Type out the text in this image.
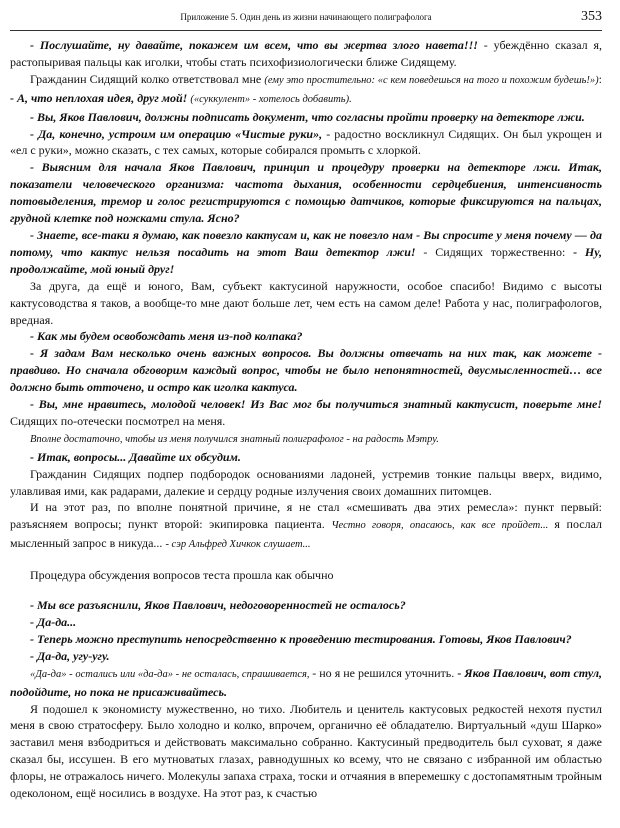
Приложение 5. Один день из жизни начинающего полиграфолога	353

- Послушайте, ну давайте, покажем им всем, что вы жертва злого навета!!! - убеждённо сказал я, растопыривая пальцы как иголки, чтобы стать психофизиологически ближе Сидящему.

Гражданин Сидящий колко ответствовал мне (ему это простительно: «с кем поведешься на того и похожим будешь!»): - А, что неплохая идея, друг мой! («суккулент» - хотелось добавить).

- Вы, Яков Павлович, должны подписать документ, что согласны пройти проверку на детекторе лжи.

- Да, конечно, устроим им операцию «Чистые руки», - радостно воскликнул Сидящих. Он был укрощен и «ел с руки», можно сказать, с тех самых, которые собирался промыть с хлоркой.

- Выясним для начала Яков Павлович, принцип и процедуру проверки на детекторе лжи. Итак, показатели человеческого организма: частота дыхания, особенности сердцебиения, интенсивность потовыделения, тремор и голос регистрируются с помощью датчиков, которые фиксируются на пальцах, грудной клетке под ножками стула. Ясно?

- Знаете, все-таки я думаю, как повезло кактусам и, как не повезло нам - Вы спросите у меня почему — да потому, что кактус нельзя посадить на этот Ваш детектор лжи! - Сидящих торжественно: - Ну, продолжайте, мой юный друг!

За друга, да ещё и юного, Вам, субъект кактусиной наружности, особое спасибо! Видимо с высоты кактусоводства я таков, а вообще-то мне дают больше лет, чем есть на самом деле! Работа у нас, полиграфологов, вредная.

- Как мы будем освобождать меня из-под колпака?

- Я задам Вам несколько очень важных вопросов. Вы должны отвечать на них так, как можете - правдиво. Но сначала обговорим каждый вопрос, чтобы не было непонятностей, двусмысленностей… все должно быть отточено, и остро как иголка кактуса.

- Вы, мне нравитесь, молодой человек! Из Вас мог бы получиться знатный кактусист, поверьте мне! Сидящих по-отечески посмотрел на меня.

Вполне достаточно, чтобы из меня получился знатный полиграфолог - на радость Мэтру.

- Итак, вопросы... Давайте их обсудим.

Гражданин Сидящих подпер подбородок основаниями ладоней, устремив тонкие пальцы вверх, видимо, улавливая ими, как радарами, далекие и сердцу родные излучения своих домашних питомцев.

И на этот раз, по вполне понятной причине, я не стал «смешивать два этих ремесла»: пункт первый: разъясняем вопросы; пункт второй: экипировка пациента. Честно говоря, опасаюсь, как все пройдет... я послал мысленный запрос в никуда... - сэр Альфред Хичкок слушает...

Процедура обсуждения вопросов теста прошла как обычно

- Мы все разъяснили, Яков Павлович, недоговоренностей не осталось?

- Да-да...

- Теперь можно преступить непосредственно к проведению тестирования. Готовы, Яков Павлович?

- Да-да, угу-угу.

«Да-да» - остались или «да-да» - не осталась, спрашивается, - но я не решился уточнить. - Яков Павлович, вот стул, подойдите, но пока не присаживайтесь.

Я подошел к экономисту мужественно, но тихо. Любитель и ценитель кактусовых редкостей нехотя пустил меня в свою стратосферу. Было холодно и колко, впрочем, органично её обладателю. Виртуальный «душ Шарко» заставил меня взбодриться и действовать максимально собранно. Кактусиный предводитель был суховат, я даже сказал бы, иссушен. В его мутноватых глазах, равнодушных ко всему, что не связано с избранной им областью флоры, не отражалось ничего. Молекулы запаха страха, тоски и отчаяния в вперемешку с достопамятным тройным одеколоном, ещё носились в воздухе. На этот раз, к счастью
